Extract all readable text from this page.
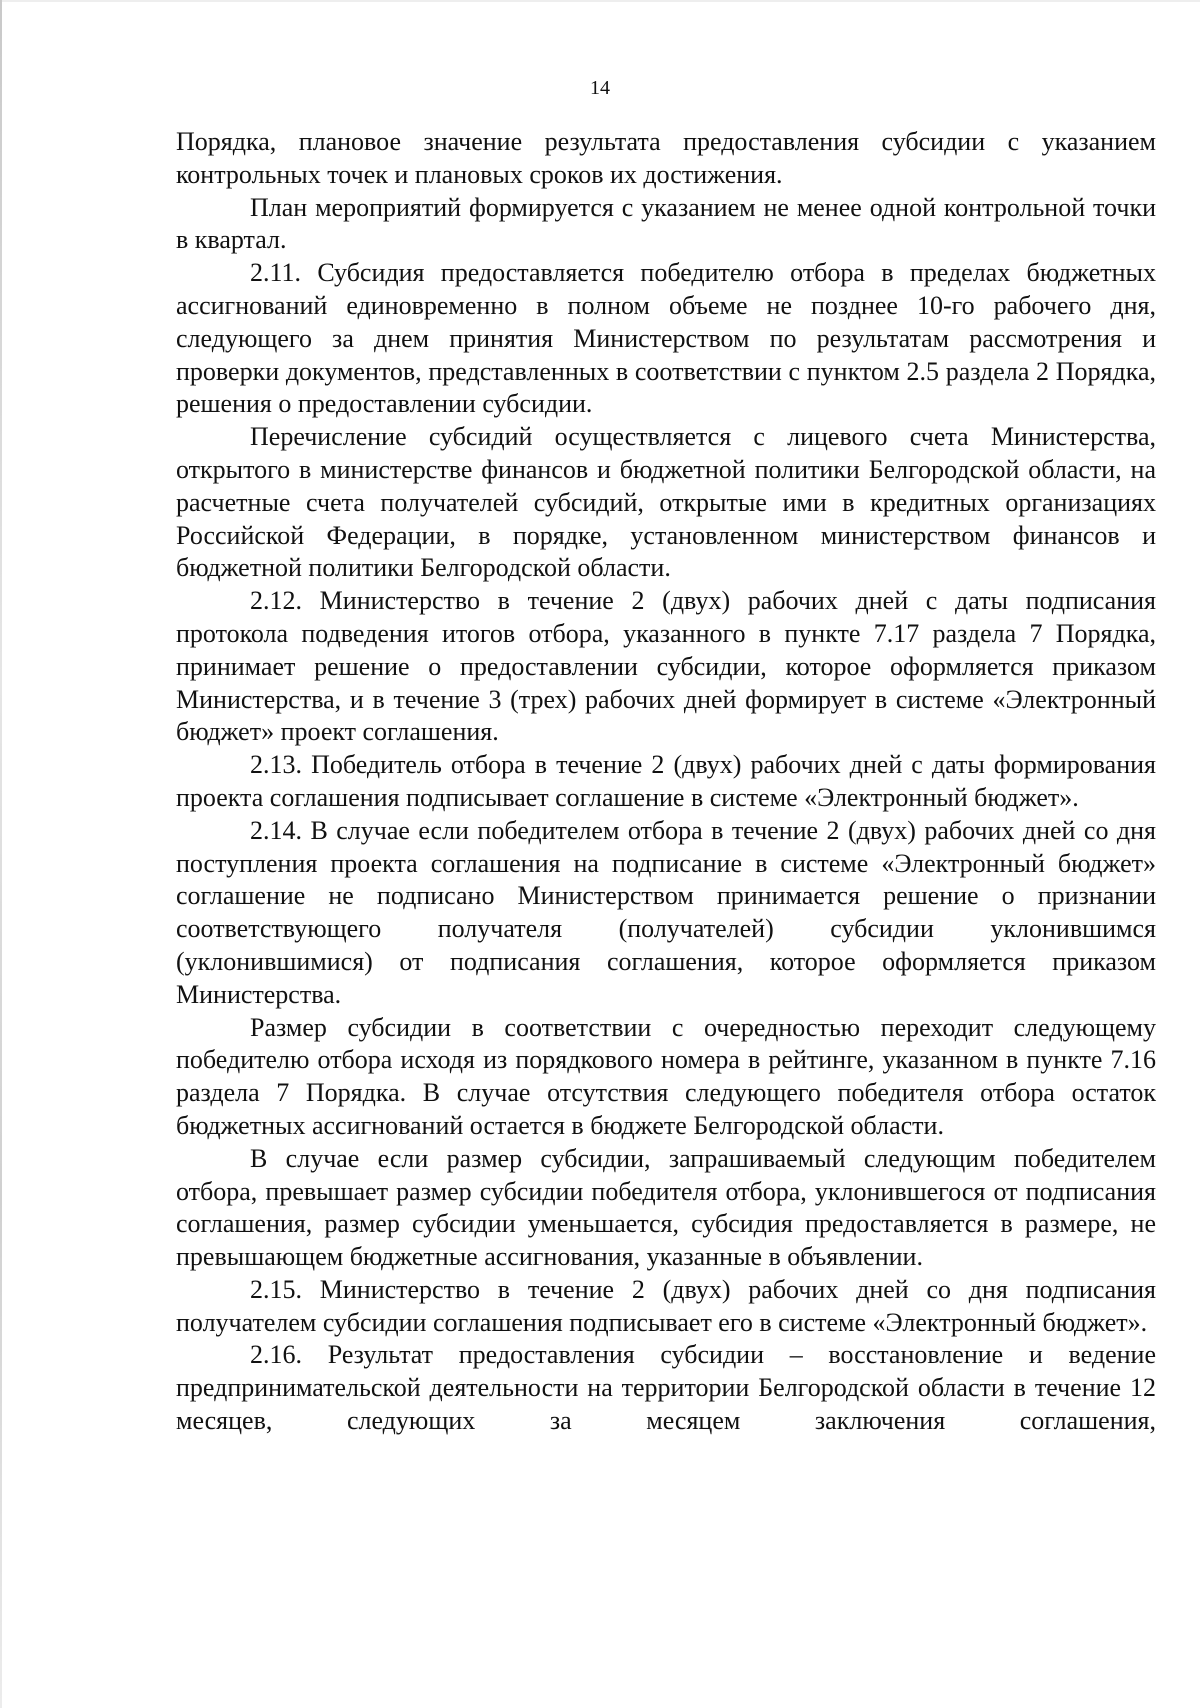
14

Порядка, плановое значение результата предоставления субсидии с указанием контрольных точек и плановых сроков их достижения.

План мероприятий формируется с указанием не менее одной контрольной точки в квартал.

2.11. Субсидия предоставляется победителю отбора в пределах бюджетных ассигнований единовременно в полном объеме не позднее 10-го рабочего дня, следующего за днем принятия Министерством по результатам рассмотрения и проверки документов, представленных в соответствии с пунктом 2.5 раздела 2 Порядка, решения о предоставлении субсидии.

Перечисление субсидий осуществляется с лицевого счета Министерства, открытого в министерстве финансов и бюджетной политики Белгородской области, на расчетные счета получателей субсидий, открытые ими в кредитных организациях Российской Федерации, в порядке, установленном министерством финансов и бюджетной политики Белгородской области.

2.12. Министерство в течение 2 (двух) рабочих дней с даты подписания протокола подведения итогов отбора, указанного в пункте 7.17 раздела 7 Порядка, принимает решение о предоставлении субсидии, которое оформляется приказом Министерства, и в течение 3 (трех) рабочих дней формирует в системе «Электронный бюджет» проект соглашения.

2.13. Победитель отбора в течение 2 (двух) рабочих дней с даты формирования проекта соглашения подписывает соглашение в системе «Электронный бюджет».

2.14. В случае если победителем отбора в течение 2 (двух) рабочих дней со дня поступления проекта соглашения на подписание в системе «Электронный бюджет» соглашение не подписано Министерством принимается решение о признании соответствующего получателя (получателей) субсидии уклонившимся (уклонившимися) от подписания соглашения, которое оформляется приказом Министерства.

Размер субсидии в соответствии с очередностью переходит следующему победителю отбора исходя из порядкового номера в рейтинге, указанном в пункте 7.16 раздела 7 Порядка. В случае отсутствия следующего победителя отбора остаток бюджетных ассигнований остается в бюджете Белгородской области.

В случае если размер субсидии, запрашиваемый следующим победителем отбора, превышает размер субсидии победителя отбора, уклонившегося от подписания соглашения, размер субсидии уменьшается, субсидия предоставляется в размере, не превышающем бюджетные ассигнования, указанные в объявлении.

2.15. Министерство в течение 2 (двух) рабочих дней со дня подписания получателем субсидии соглашения подписывает его в системе «Электронный бюджет».

2.16. Результат предоставления субсидии – восстановление и ведение предпринимательской деятельности на территории Белгородской области в течение 12 месяцев, следующих за месяцем заключения соглашения,
